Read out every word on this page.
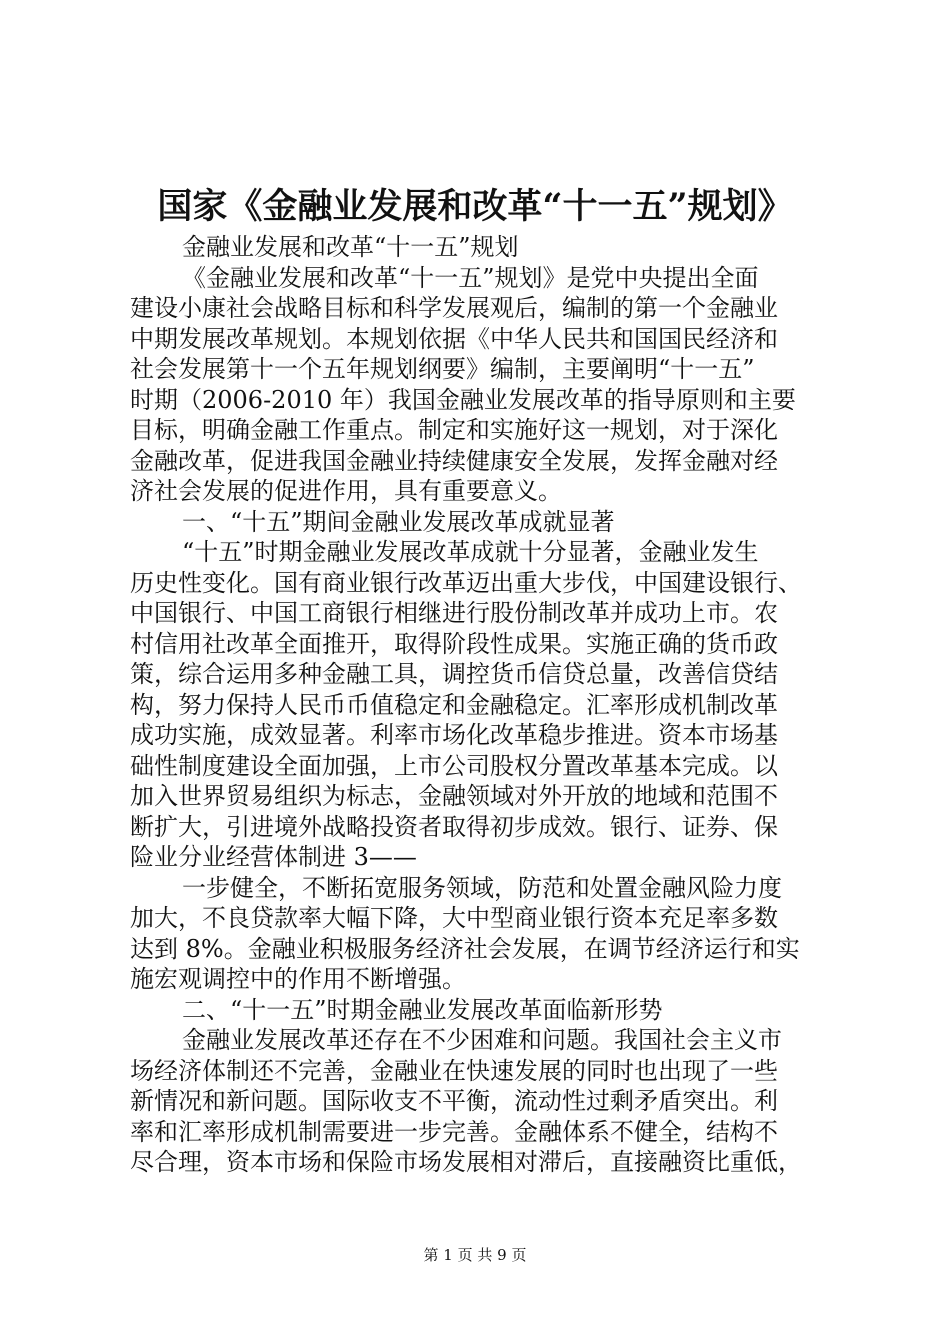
国家《金融业发展和改革“十一五”规划》
金融业发展和改革“十一五”规划
《金融业发展和改革“十一五”规划》是党中央提出全面
建设小康社会战略目标和科学发展观后，编制的第一个金融业
中期发展改革规划。本规划依据《中华人民共和国国民经济和
社会发展第十一个五年规划纲要》编制，主要阐明“十一五”
时期（2006-2010 年）我国金融业发展改革的指导原则和主要
目标，明确金融工作重点。制定和实施好这一规划，对于深化
金融改革，促进我国金融业持续健康安全发展，发挥金融对经
济社会发展的促进作用，具有重要意义。
一、“十五”期间金融业发展改革成就显著
“十五”时期金融业发展改革成就十分显著，金融业发生
历史性变化。国有商业银行改革迈出重大步伐，中国建设银行、
中国银行、中国工商银行相继进行股份制改革并成功上市。农
村信用社改革全面推开，取得阶段性成果。实施正确的货币政
策，综合运用多种金融工具，调控货币信贷总量，改善信贷结
构，努力保持人民币币值稳定和金融稳定。汇率形成机制改革
成功实施，成效显著。利率市场化改革稳步推进。资本市场基
础性制度建设全面加强，上市公司股权分置改革基本完成。以
加入世界贸易组织为标志，金融领域对外开放的地域和范围不
断扩大，引进境外战略投资者取得初步成效。银行、证券、保
险业分业经营体制进 3——
一步健全，不断拓宽服务领域，防范和处置金融风险力度
加大，不良贷款率大幅下降，大中型商业银行资本充足率多数
达到 8%。金融业积极服务经济社会发展，在调节经济运行和实
施宏观调控中的作用不断增强。
二、“十一五”时期金融业发展改革面临新形势
金融业发展改革还存在不少困难和问题。我国社会主义市
场经济体制还不完善，金融业在快速发展的同时也出现了一些
新情况和新问题。国际收支不平衡，流动性过剩矛盾突出。利
率和汇率形成机制需要进一步完善。金融体系不健全，结构不
尽合理，资本市场和保险市场发展相对滞后，直接融资比重低，
第 1 页 共 9 页
